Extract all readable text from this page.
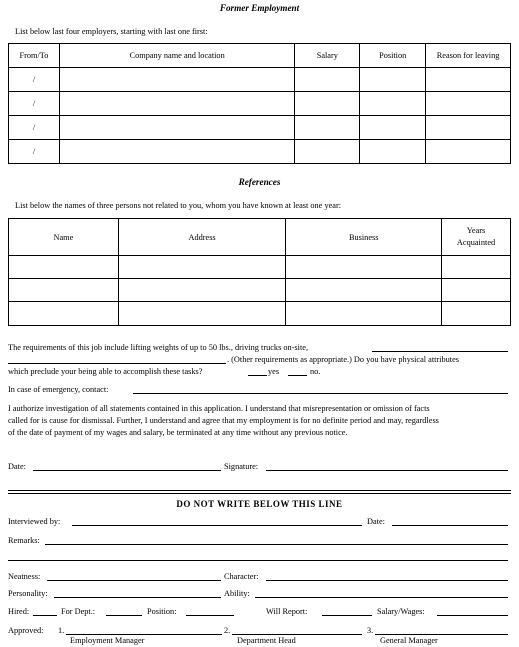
Former Employment
List below last four employers, starting with last one first:
From/To	Company name and location	Salary	Position	Reason for leaving
/				
/				
/				
/				
References
List below the names of three persons not related to you, whom you have known at least one year:
Name	Address	Business	Years
Acquainted

The requirements of this job include lifting weights of up to 50 lbs., driving trucks on-site,
. (Other requirements as appropriate.) Do you have physical attributes
which preclude your being able to accomplish these tasks?	yes	no.
In case of emergency, contact:
I authorize investigation of all statements contained in this application. I understand that misrepresentation or omission of facts
called for is cause for dismissal. Further, I understand and agree that my employment is for no definite period and may, regardless
of the date of payment of my wages and salary, be terminated at any time without any previous notice.
Date:	Signature:
DO NOT WRITE BELOW THIS LINE
Interviewed by:	Date:
Remarks:
Neatness:	Character:
Personality:	Ability:
Hired:	For Dept.:	Position:	Will Report:	Salary/Wages:
Approved: 1.	2.	3.
Employment Manager	Department Head	General Manager
